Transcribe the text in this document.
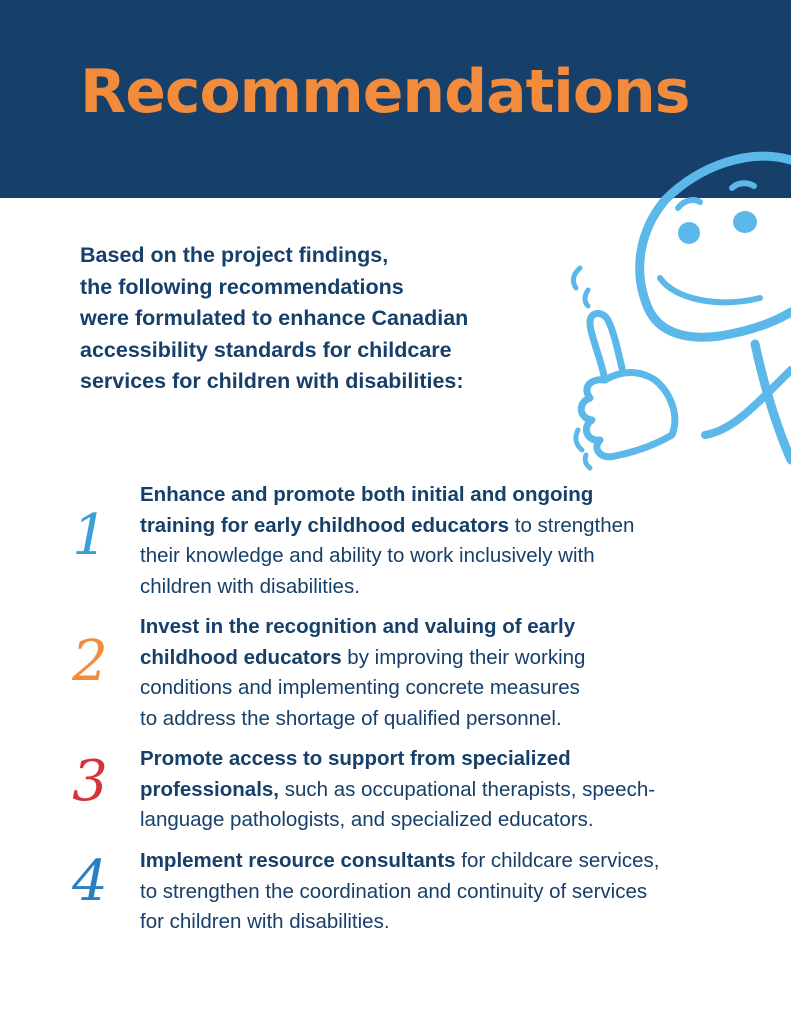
Recommendations
Based on the project findings,
the following recommendations
were formulated to enhance Canadian
accessibility standards for childcare
services for children with disabilities:
1
Enhance and promote both initial and ongoing
training for early childhood educators to strengthen
their knowledge and ability to work inclusively with
children with disabilities.
2
Invest in the recognition and valuing of early
childhood educators by improving their working
conditions and implementing concrete measures
to address the shortage of qualified personnel.
3	Promote access to support from specialized
professionals, such as occupational therapists, speech-
language pathologists, and specialized educators.
4	Implement resource consultants for childcare services,
to strengthen the coordination and continuity of services
for children with disabilities.
